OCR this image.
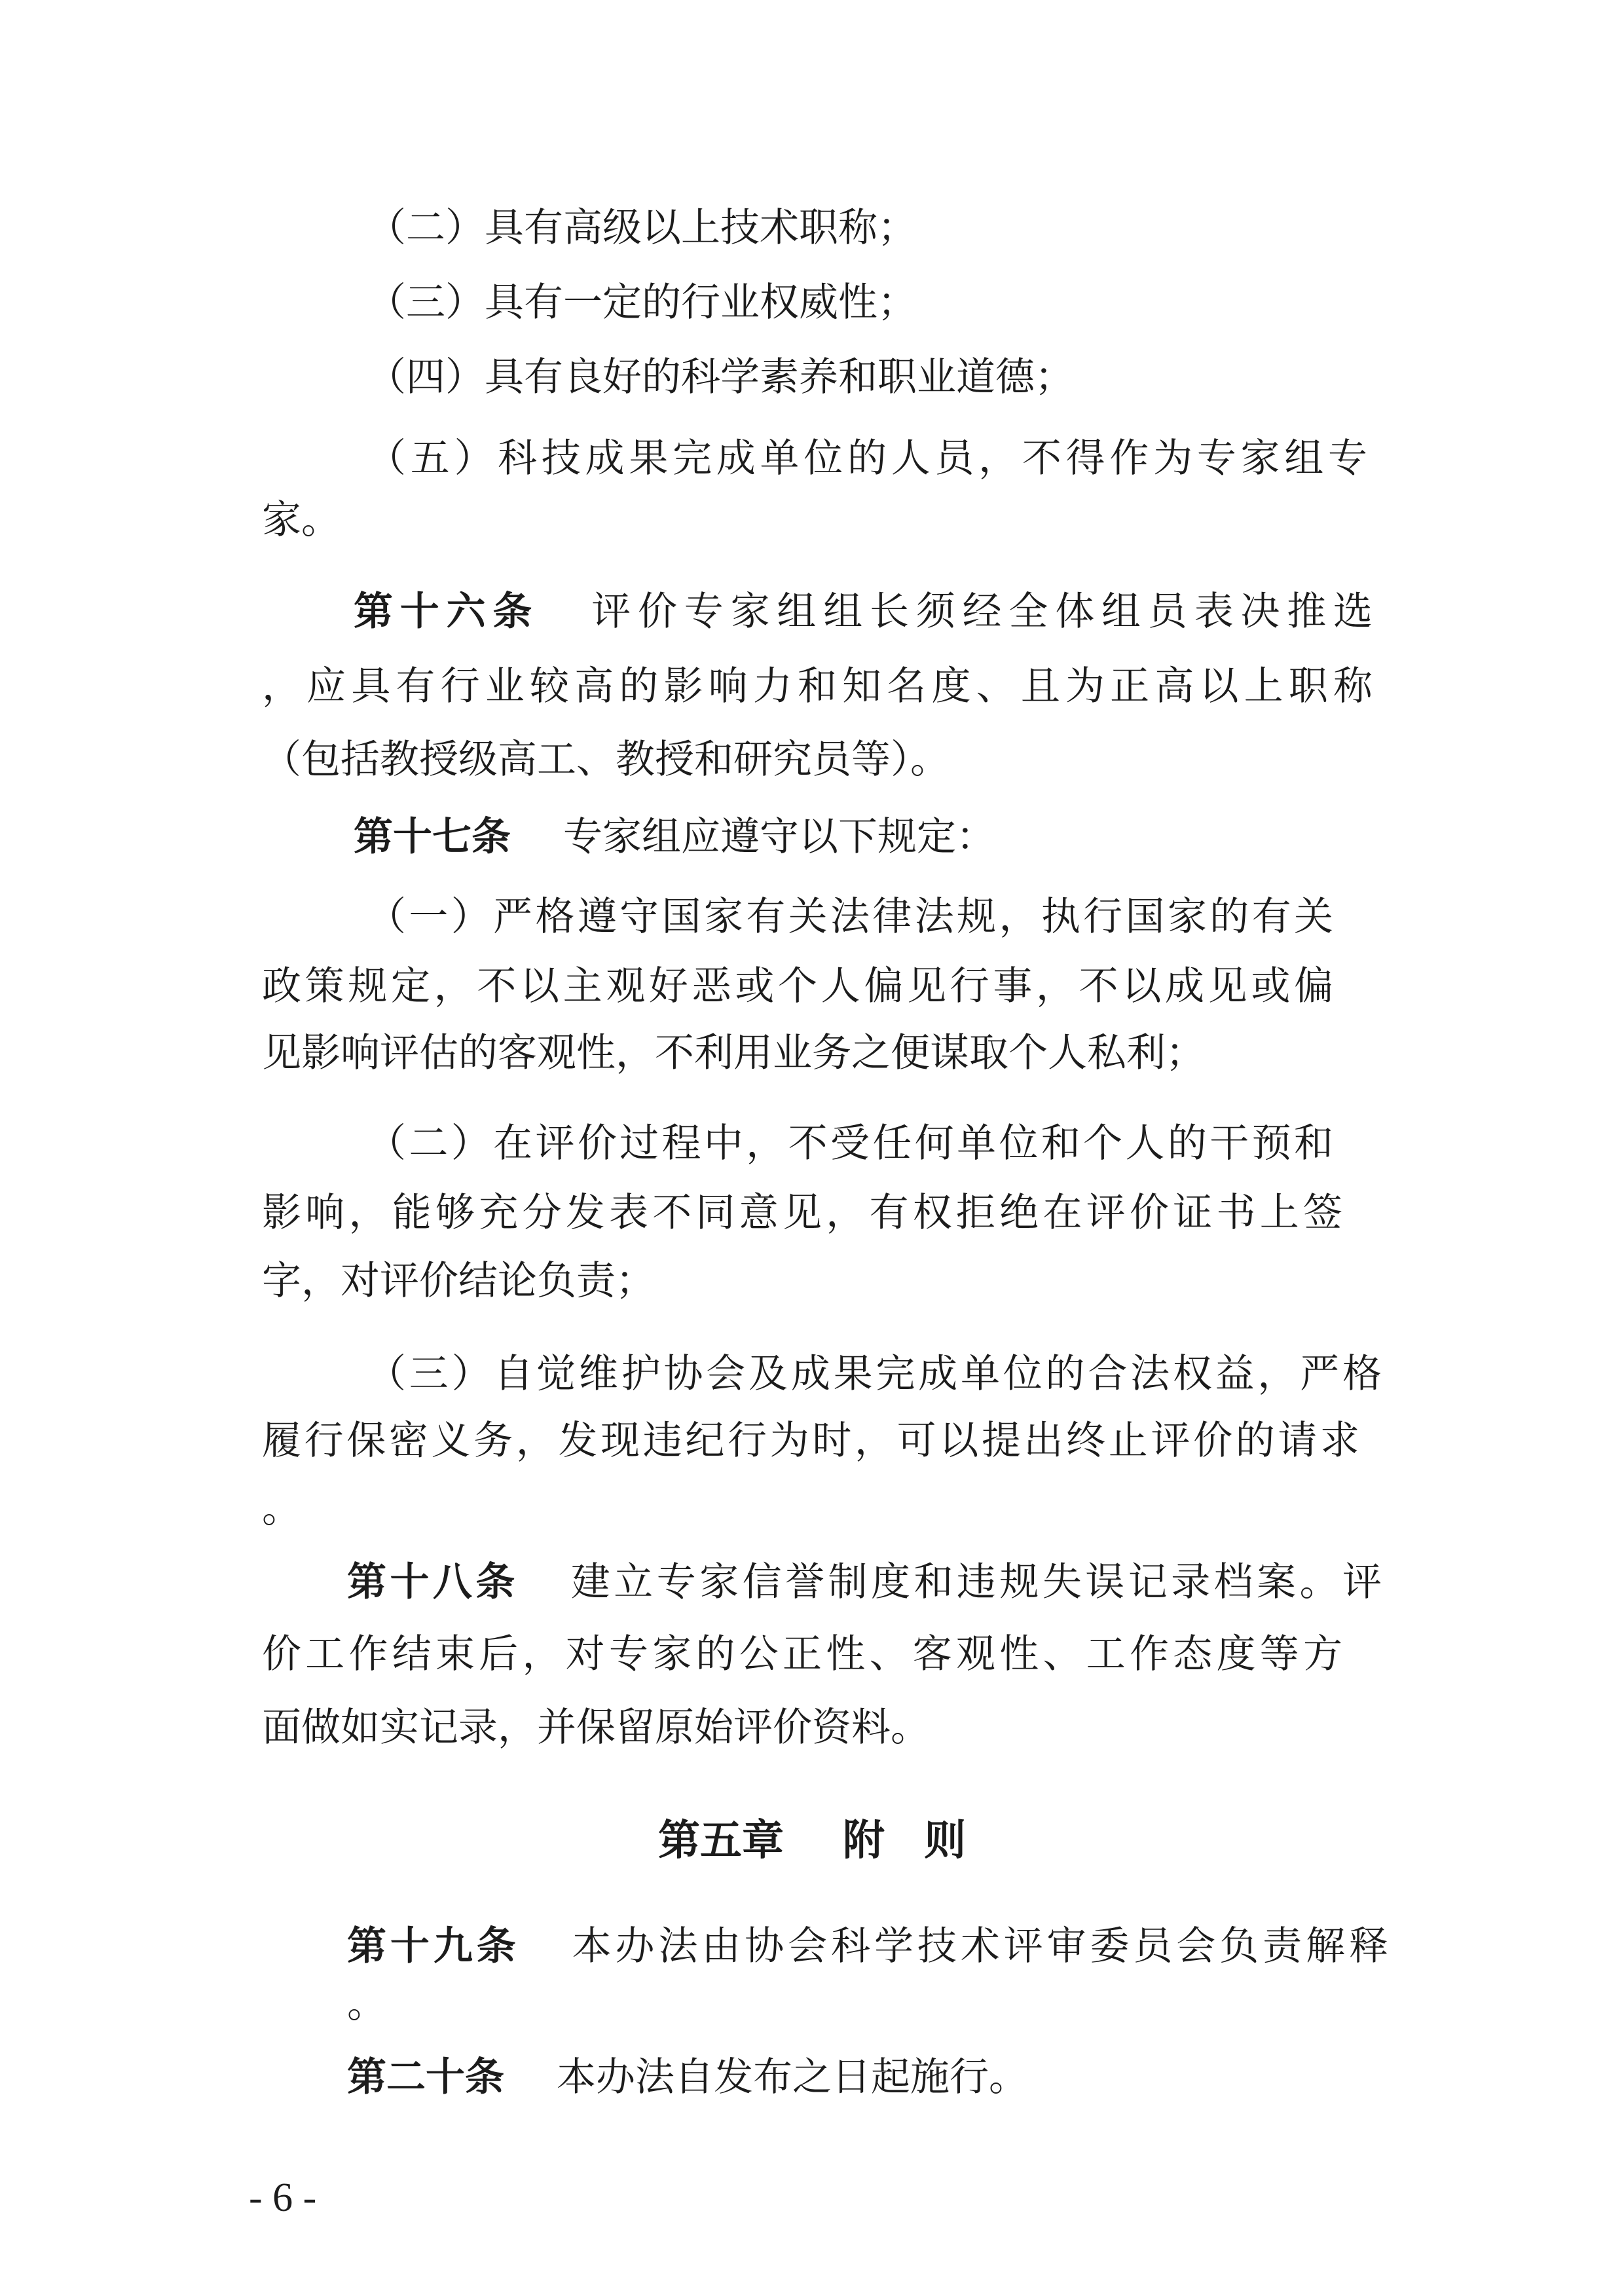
（二）具有高级以上技术职称；
（三）具有一定的行业权威性；
（四）具有良好的科学素养和职业道德；
（五）科技成果完成单位的人员，不得作为专家组专
家。
第十六条 评价专家组组长须经全体组员表决推选
，应具有行业较高的影响力和知名度、且为正高以上职称
（包括教授级高工、教授和研究员等）。
第十七条 专家组应遵守以下规定：
（一）严格遵守国家有关法律法规，执行国家的有关
政策规定，不以主观好恶或个人偏见行事，不以成见或偏
见影响评估的客观性，不利用业务之便谋取个人私利；
（二）在评价过程中，不受任何单位和个人的干预和
影响，能够充分发表不同意见，有权拒绝在评价证书上签
字，对评价结论负责；
（三）自觉维护协会及成果完成单位的合法权益，严格
履行保密义务，发现违纪行为时，可以提出终止评价的请求
。
第十八条 建立专家信誉制度和违规失误记录档案。评
价工作结束后，对专家的公正性、客观性、工作态度等方
面做如实记录，并保留原始评价资料。
第五章 附 则
第十九条 本办法由协会科学技术评审委员会负责解释
。
第二十条 本办法自发布之日起施行。
- 6 -
